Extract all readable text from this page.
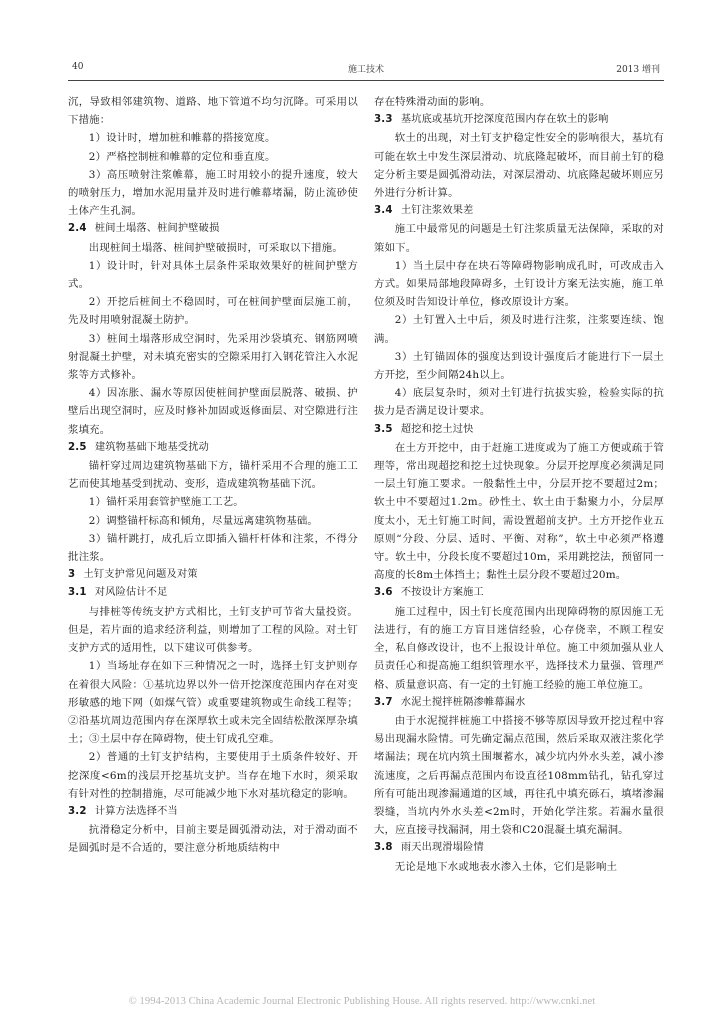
40	施工技术	2013 增刊

沉，导致相邻建筑物、道路、地下管道不均匀沉降。可采用以下措施：

1）设计时，增加桩和帷幕的搭接宽度。

2）严格控制桩和帷幕的定位和垂直度。

3）高压喷射注浆帷幕，施工时用较小的提升速度，较大的喷射压力，增加水泥用量并及时进行帷幕堵漏，防止流砂使土体产生孔洞。

2.4 桩间土塌落、桩间护壁破损

出现桩间土塌落、桩间护壁破损时，可采取以下措施。

1）设计时，针对具体土层条件采取效果好的桩间护壁方式。

2）开挖后桩间土不稳固时，可在桩间护壁面层施工前，先及时用喷射混凝土防护。

3）桩间土塌落形成空洞时，先采用沙袋填充、钢筋网喷射混凝土护壁，对未填充密实的空隙采用打入钢花管注入水泥浆等方式修补。

4）因冻胀、漏水等原因使桩间护壁面层脱落、破损、护壁后出现空洞时，应及时修补加固或返修面层、对空隙进行注浆填充。

2.5 建筑物基础下地基受扰动

锚杆穿过周边建筑物基础下方，锚杆采用不合理的施工工艺而使其地基受到扰动、变形，造成建筑物基础下沉。

1）锚杆采用套管护壁施工工艺。

2）调整锚杆标高和倾角，尽量远离建筑物基础。

3）锚杆跳打，成孔后立即插入锚杆杆体和注浆，不得分批注浆。

3 土钉支护常见问题及对策
3.1 对风险估计不足

与排桩等传统支护方式相比，土钉支护可节省大量投资。但是，若片面的追求经济利益，则增加了工程的风险。对土钉支护方式的适用性，以下建议可供参考。

1）当场址存在如下三种情况之一时，选择土钉支护则存在着很大风险：①基坑边界以外一倍开挖深度范围内存在对变形敏感的地下网（如煤气管）或重要建筑物或生命线工程等；②沿基坑周边范围内存在深厚软土或未完全固结松散深厚杂填土；③土层中存在障碍物，使土钉成孔空难。

2）普通的土钉支护结构，主要使用于土质条件较好、开挖深度<6m的浅层开挖基坑支护。当存在地下水时，须采取有针对性的控制措施，尽可能减少地下水对基坑稳定的影响。

3.2 计算方法选择不当

抗滑稳定分析中，目前主要是圆弧滑动法，对于滑动面不是圆弧时是不合适的，要注意分析地质结构中

存在特殊滑动面的影响。

3.3 基坑底或基坑开挖深度范围内存在软土的影响

软土的出现，对土钉支护稳定性安全的影响很大，基坑有可能在软土中发生深层滑动、坑底隆起破坏，而目前土钉的稳定分析主要是圆弧滑动法，对深层滑动、坑底隆起破坏则应另外进行分析计算。

3.4 土钉注浆效果差

施工中最常见的问题是土钉注浆质量无法保障，采取的对策如下。

1）当土层中存在块石等障碍物影响成孔时，可改成击入方式。如果局部地段障碍多，土钉设计方案无法实施，施工单位须及时告知设计单位，修改原设计方案。

2）土钉置入土中后，须及时进行注浆，注浆要连续、饱满。

3）土钉锚固体的强度达到设计强度后才能进行下一层土方开挖，至少间隔24h以上。

4）底层复杂时，须对土钉进行抗拔实验，检验实际的抗拔力是否满足设计要求。

3.5 超挖和挖土过快

在土方开挖中，由于赶施工进度或为了施工方便或疏于管理等，常出现超挖和挖土过快现象。分层开挖厚度必须满足同一层土钉施工要求。一般黏性土中，分层开挖不要超过2m；软土中不要超过1.2m。砂性土、软土由于黏聚力小，分层厚度太小，无土钉施工时间，需设置超前支护。土方开挖作业五原则“分段、分层、适时、平衡、对称”，软土中必须严格遵守。软土中，分段长度不要超过10m，采用跳挖法，预留同一高度的长8m土体挡土；黏性土层分段不要超过20m。

3.6 不按设计方案施工

施工过程中，因土钉长度范围内出现障碍物的原因施工无法进行，有的施工方盲目迷信经验，心存侥幸，不顾工程安全，私自修改设计，也不上报设计单位。施工中须加强从业人员责任心和提高施工组织管理水平，选择技术力量强、管理严格、质量意识高、有一定的土钉施工经验的施工单位施工。

3.7 水泥土搅拌桩隔渗帷幕漏水

由于水泥搅拌桩施工中搭接不够等原因导致开挖过程中容易出现漏水险情。可先确定漏点范围，然后采取双液注浆化学堵漏法；现在坑内筑土围堰蓄水，减少坑内外水头差，减小渗流速度，之后再漏点范围内布设直径108mm钻孔，钻孔穿过所有可能出现渗漏通道的区域，再往孔中填充砾石，填堵渗漏裂缝，当坑内外水头差<2m时，开始化学注浆。若漏水量很大，应直接寻找漏洞，用土袋和C20混凝土填充漏洞。

3.8 雨天出现滑塌险情

无论是地下水或地表水渗入土体，它们是影响土

© 1994-2013 China Academic Journal Electronic Publishing House. All rights reserved. http://www.cnki.net
